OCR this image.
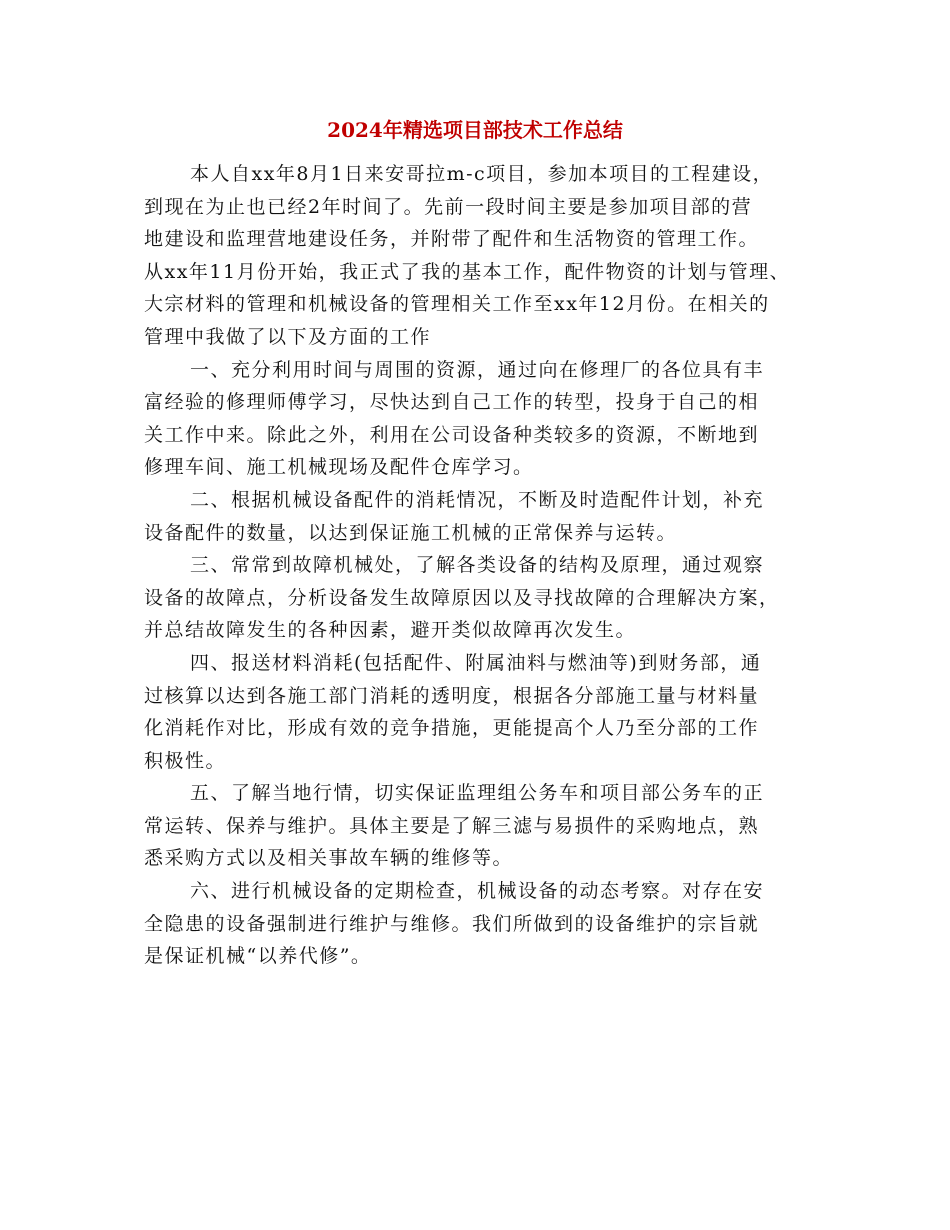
2024年精选项目部技术工作总结
本人自xx年8月1日来安哥拉m-c项目，参加本项目的工程建设，
到现在为止也已经2年时间了。先前一段时间主要是参加项目部的营
地建设和监理营地建设任务，并附带了配件和生活物资的管理工作。
从xx年11月份开始，我正式了我的基本工作，配件物资的计划与管理、
大宗材料的管理和机械设备的管理相关工作至xx年12月份。在相关的
管理中我做了以下及方面的工作
一、充分利用时间与周围的资源，通过向在修理厂的各位具有丰
富经验的修理师傅学习，尽快达到自己工作的转型，投身于自己的相
关工作中来。除此之外，利用在公司设备种类较多的资源，不断地到
修理车间、施工机械现场及配件仓库学习。
二、根据机械设备配件的消耗情况，不断及时造配件计划，补充
设备配件的数量，以达到保证施工机械的正常保养与运转。
三、常常到故障机械处，了解各类设备的结构及原理，通过观察
设备的故障点，分析设备发生故障原因以及寻找故障的合理解决方案，
并总结故障发生的各种因素，避开类似故障再次发生。
四、报送材料消耗(包括配件、附属油料与燃油等)到财务部，通
过核算以达到各施工部门消耗的透明度，根据各分部施工量与材料量
化消耗作对比，形成有效的竞争措施，更能提高个人乃至分部的工作
积极性。
五、了解当地行情，切实保证监理组公务车和项目部公务车的正
常运转、保养与维护。具体主要是了解三滤与易损件的采购地点，熟
悉采购方式以及相关事故车辆的维修等。
六、进行机械设备的定期检查，机械设备的动态考察。对存在安
全隐患的设备强制进行维护与维修。我们所做到的设备维护的宗旨就
是保证机械“以养代修”。
